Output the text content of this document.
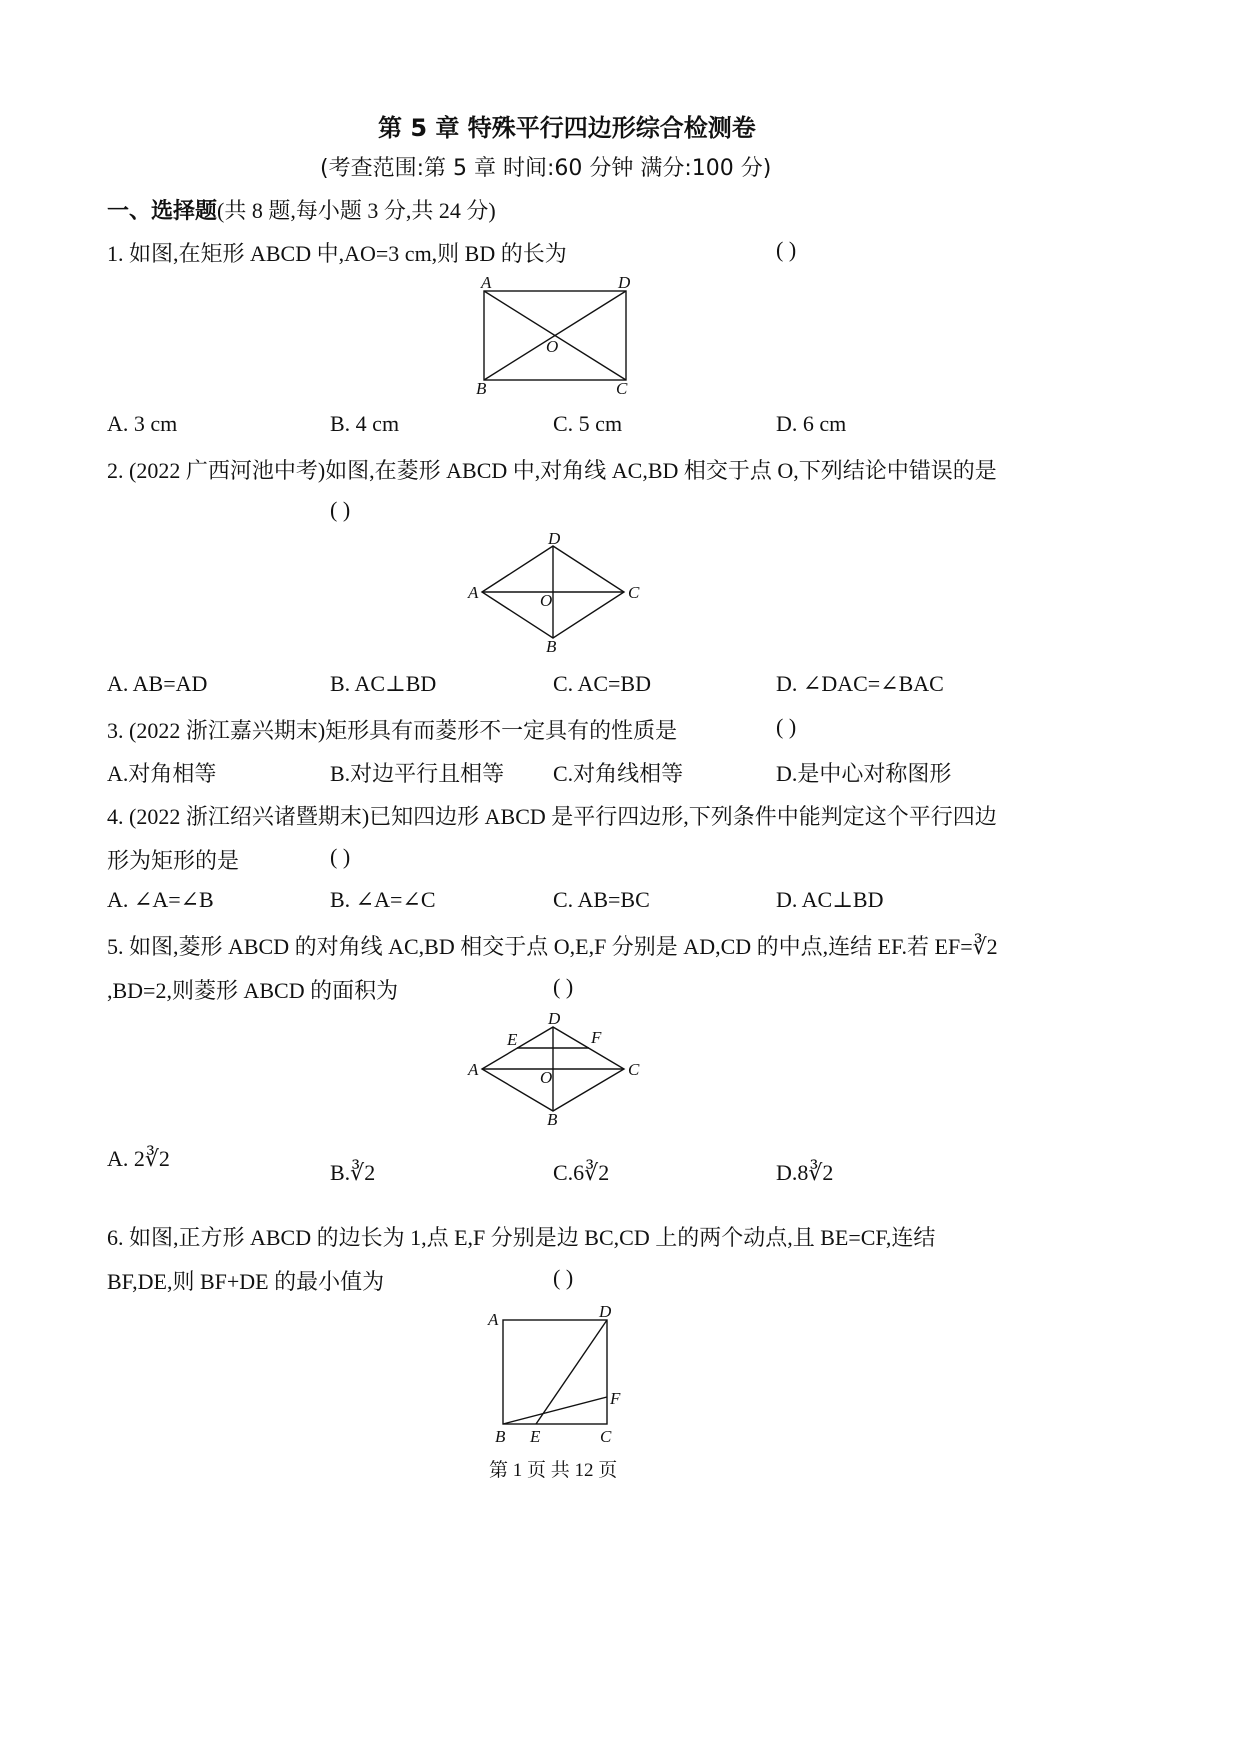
第 5 章 特殊平行四边形综合检测卷
(考查范围:第 5 章 时间:60 分钟 满分:100 分)
一、选择题(共 8 题,每小题 3 分,共 24 分)
1. 如图,在矩形 ABCD 中,AO=3 cm,则 BD 的长为	( )
A	D
O
B	C
A. 3 cm	B. 4 cm	C. 5 cm	D. 6 cm
2. (2022 广西河池中考)如图,在菱形 ABCD 中,对角线 AC,BD 相交于点 O,下列结论中错误的是
( )
D
A	O	C
B
A. AB=AD	B. AC⊥BD	C. AC=BD	D. ∠DAC=∠BAC
3. (2022 浙江嘉兴期末)矩形具有而菱形不一定具有的性质是	( )
A.对角相等	B.对边平行且相等 C.对角线相等	D.是中心对称图形
4. (2022 浙江绍兴诸暨期末)已知四边形 ABCD 是平行四边形,下列条件中能判定这个平行四边
形为矩形的是	( )
A. ∠A=∠B	B. ∠A=∠C	C. AB=BC	D. AC⊥BD
5. 如图,菱形 ABCD 的对角线 AC,BD 相交于点 O,E,F 分别是 AD,CD 的中点,连结 EF.若 EF=∛2
,BD=2,则菱形 ABCD 的面积为	( )
D
E	F
A	O	C
B
A. 2∛2
B.∛2	C.6∛2	D.8∛2
6. 如图,正方形 ABCD 的边长为 1,点 E,F 分别是边 BC,CD 上的两个动点,且 BE=CF,连结
BF,DE,则 BF+DE 的最小值为	( )
A	D
F
B E	C
第 1 页 共 12 页
